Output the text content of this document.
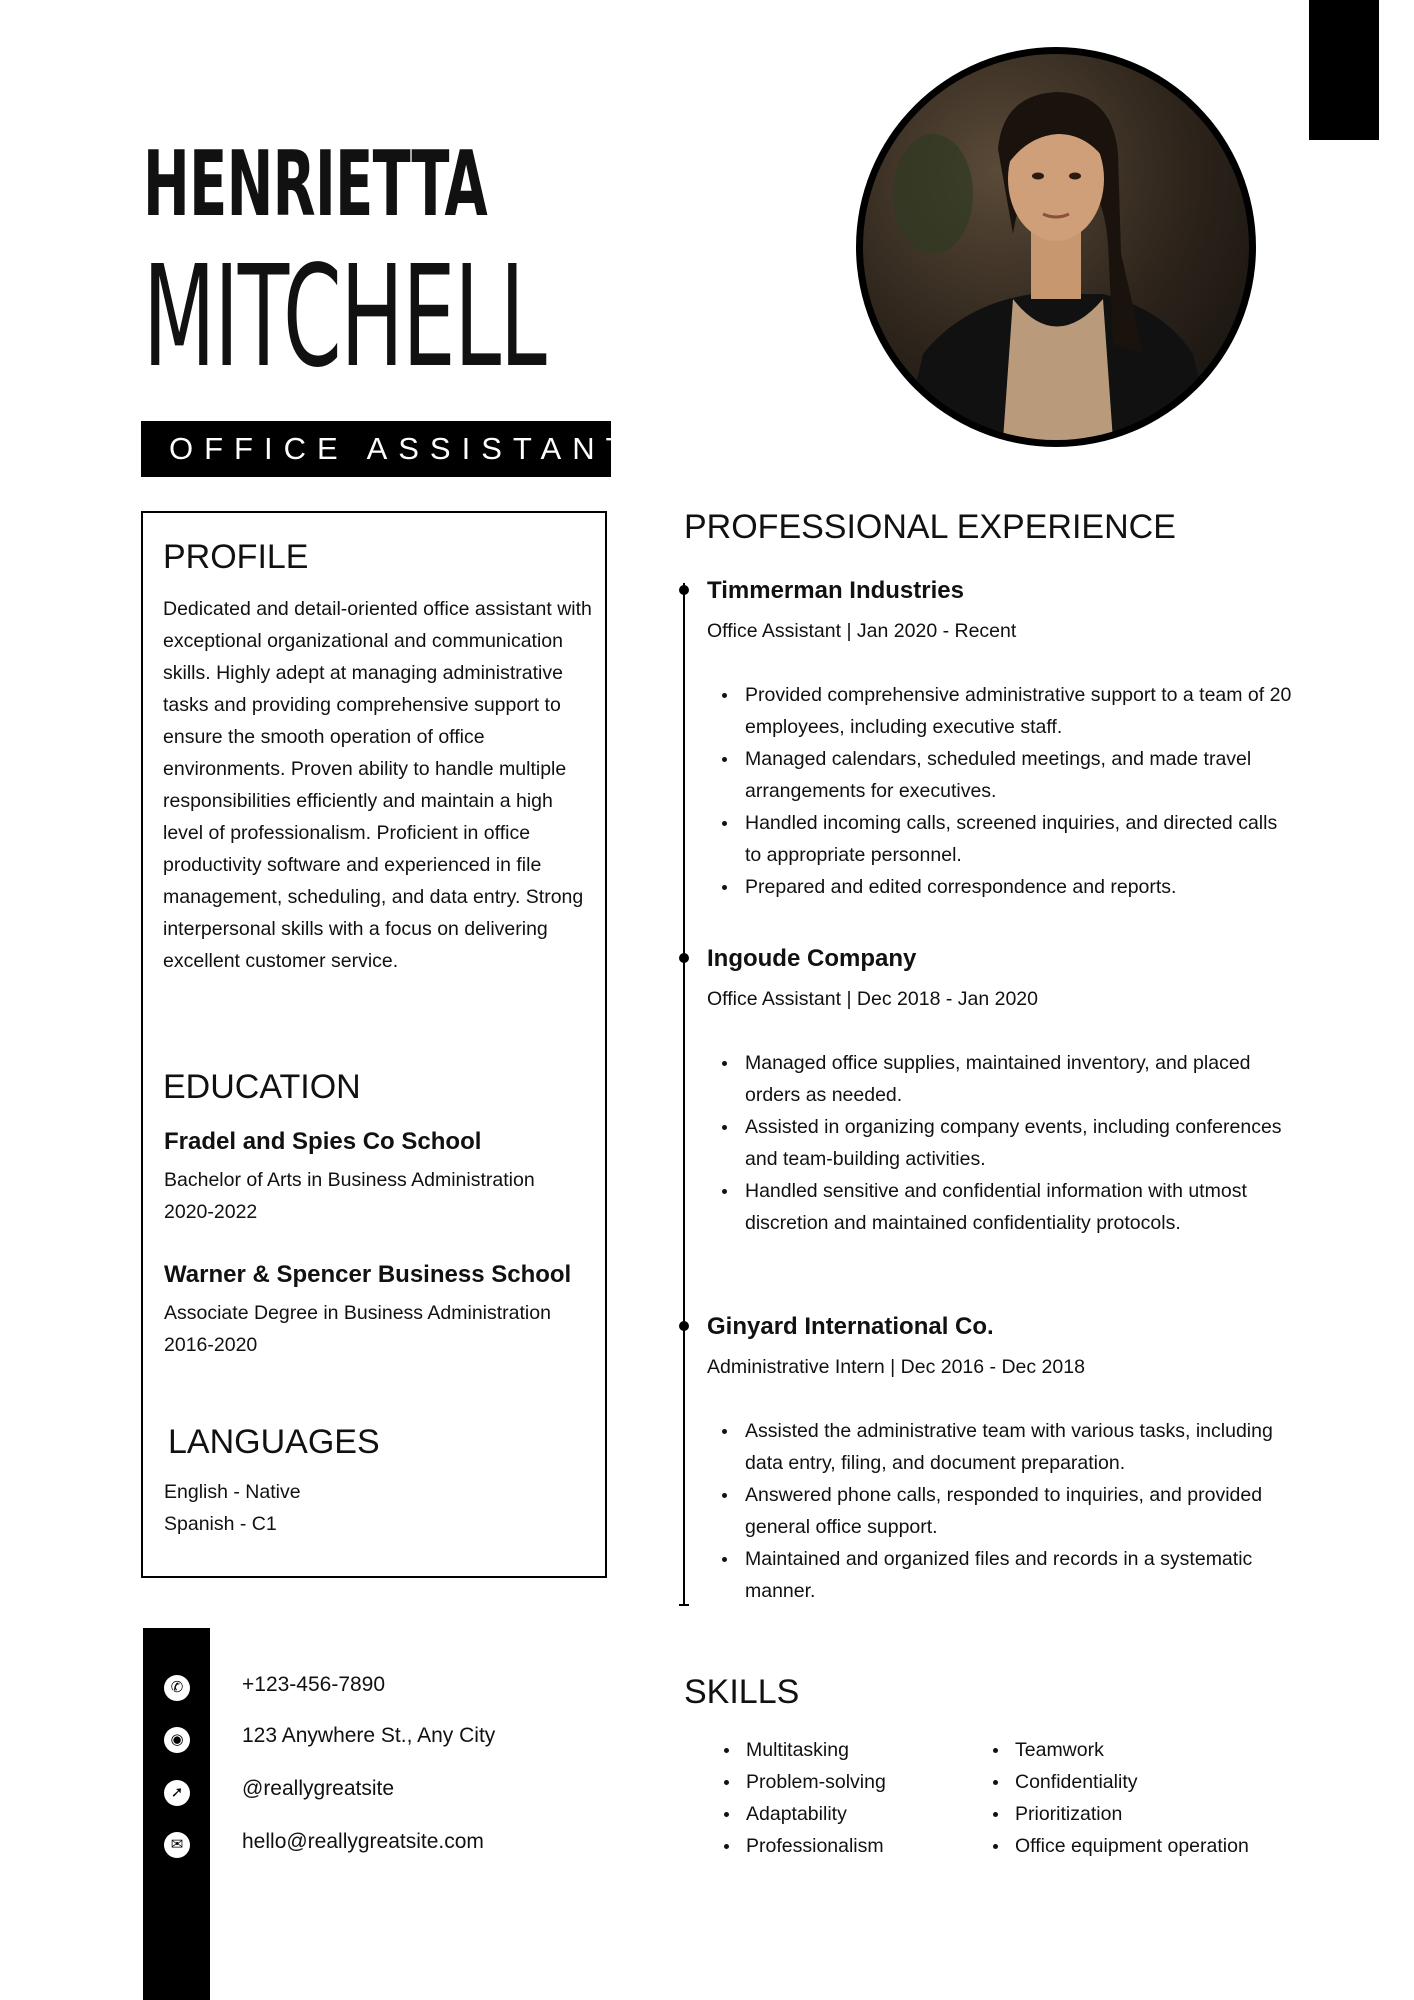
HENRIETTA
MITCHELL
OFFICE ASSISTANT
PROFILE

Dedicated and detail-oriented office assistant with exceptional organizational and communication skills. Highly adept at managing administrative tasks and providing comprehensive support to ensure the smooth operation of office environments. Proven ability to handle multiple responsibilities efficiently and maintain a high level of professionalism. Proficient in office productivity software and experienced in file management, scheduling, and data entry. Strong interpersonal skills with a focus on delivering excellent customer service.

EDUCATION
Fradel and Spies Co School
Bachelor of Arts in Business Administration
2020-2022
Warner & Spencer Business School
Associate Degree in Business Administration
2016-2020
LANGUAGES
English - Native
Spanish - C1
✆
◉
➚
✉
+123-456-7890
123 Anywhere St., Any City
@reallygreatsite
hello@reallygreatsite.com
PROFESSIONAL EXPERIENCE
Timmerman Industries
Office Assistant | Jan 2020 - Recent
Provided comprehensive administrative support to a team of 20 employees, including executive staff.
Managed calendars, scheduled meetings, and made travel arrangements for executives.
Handled incoming calls, screened inquiries, and directed calls to appropriate personnel.
Prepared and edited correspondence and reports.
Ingoude Company
Office Assistant | Dec 2018 - Jan 2020
Managed office supplies, maintained inventory, and placed orders as needed.
Assisted in organizing company events, including conferences and team-building activities.
Handled sensitive and confidential information with utmost discretion and maintained confidentiality protocols.
Ginyard International Co.
Administrative Intern | Dec 2016 - Dec 2018
Assisted the administrative team with various tasks, including data entry, filing, and document preparation.
Answered phone calls, responded to inquiries, and provided general office support.
Maintained and organized files and records in a systematic manner.
SKILLS
Multitasking
Problem-solving
Adaptability
Professionalism
Teamwork
Confidentiality
Prioritization
Office equipment operation
